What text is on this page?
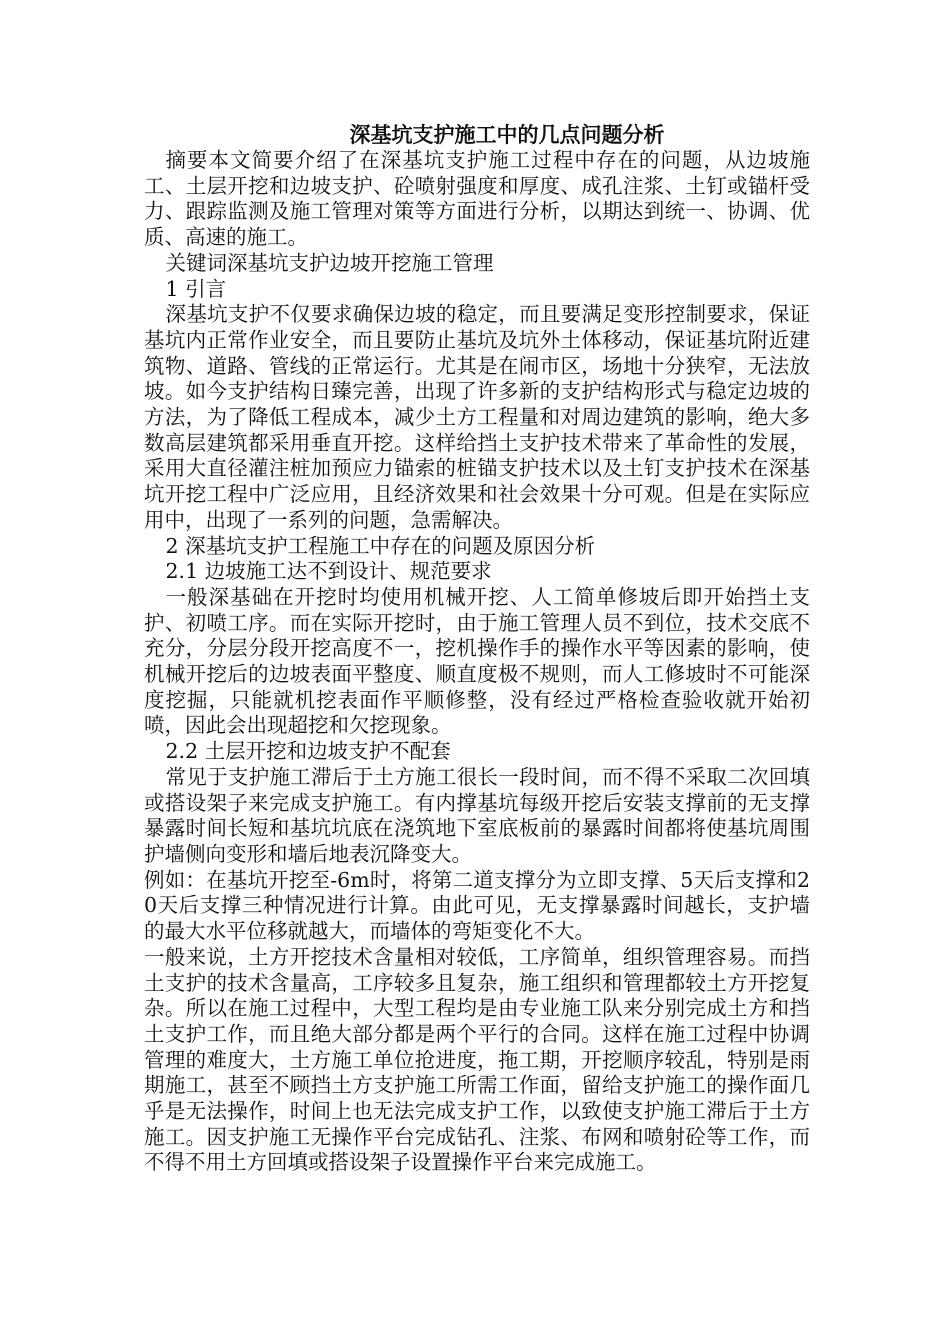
深基坑支护施工中的几点问题分析

摘要本文简要介绍了在深基坑支护施工过程中存在的问题，从边坡施工、土层开挖和边坡支护、砼喷射强度和厚度、成孔注浆、土钉或锚杆受力、跟踪监测及施工管理对策等方面进行分析，以期达到统一、协调、优质、高速的施工。

关键词深基坑支护边坡开挖施工管理

1 引言

深基坑支护不仅要求确保边坡的稳定，而且要满足变形控制要求，保证基坑内正常作业安全，而且要防止基坑及坑外土体移动，保证基坑附近建筑物、道路、管线的正常运行。尤其是在闹市区，场地十分狭窄，无法放坡。如今支护结构日臻完善，出现了许多新的支护结构形式与稳定边坡的方法，为了降低工程成本，减少土方工程量和对周边建筑的影响，绝大多数高层建筑都采用垂直开挖。这样给挡土支护技术带来了革命性的发展，采用大直径灌注桩加预应力锚索的桩锚支护技术以及土钉支护技术在深基坑开挖工程中广泛应用，且经济效果和社会效果十分可观。但是在实际应用中，出现了一系列的问题，急需解决。

2 深基坑支护工程施工中存在的问题及原因分析

2.1 边坡施工达不到设计、规范要求

一般深基础在开挖时均使用机械开挖、人工简单修坡后即开始挡土支护、初喷工序。而在实际开挖时，由于施工管理人员不到位，技术交底不充分，分层分段开挖高度不一，挖机操作手的操作水平等因素的影响，使机械开挖后的边坡表面平整度、顺直度极不规则，而人工修坡时不可能深度挖掘，只能就机挖表面作平顺修整，没有经过严格检查验收就开始初喷，因此会出现超挖和欠挖现象。

2.2 土层开挖和边坡支护不配套

常见于支护施工滞后于土方施工很长一段时间，而不得不采取二次回填或搭设架子来完成支护施工。有内撑基坑每级开挖后安装支撑前的无支撑暴露时间长短和基坑坑底在浇筑地下室底板前的暴露时间都将使基坑周围护墙侧向变形和墙后地表沉降变大。

例如：在基坑开挖至-6m时，将第二道支撑分为立即支撑、5天后支撑和20天后支撑三种情况进行计算。由此可见，无支撑暴露时间越长，支护墙的最大水平位移就越大，而墙体的弯矩变化不大。

一般来说，土方开挖技术含量相对较低，工序简单，组织管理容易。而挡土支护的技术含量高，工序较多且复杂，施工组织和管理都较土方开挖复杂。所以在施工过程中，大型工程均是由专业施工队来分别完成土方和挡土支护工作，而且绝大部分都是两个平行的合同。这样在施工过程中协调管理的难度大，土方施工单位抢进度，拖工期，开挖顺序较乱，特别是雨期施工，甚至不顾挡土方支护施工所需工作面，留给支护施工的操作面几乎是无法操作，时间上也无法完成支护工作，以致使支护施工滞后于土方施工。因支护施工无操作平台完成钻孔、注浆、布网和喷射砼等工作，而不得不用土方回填或搭设架子设置操作平台来完成施工。
